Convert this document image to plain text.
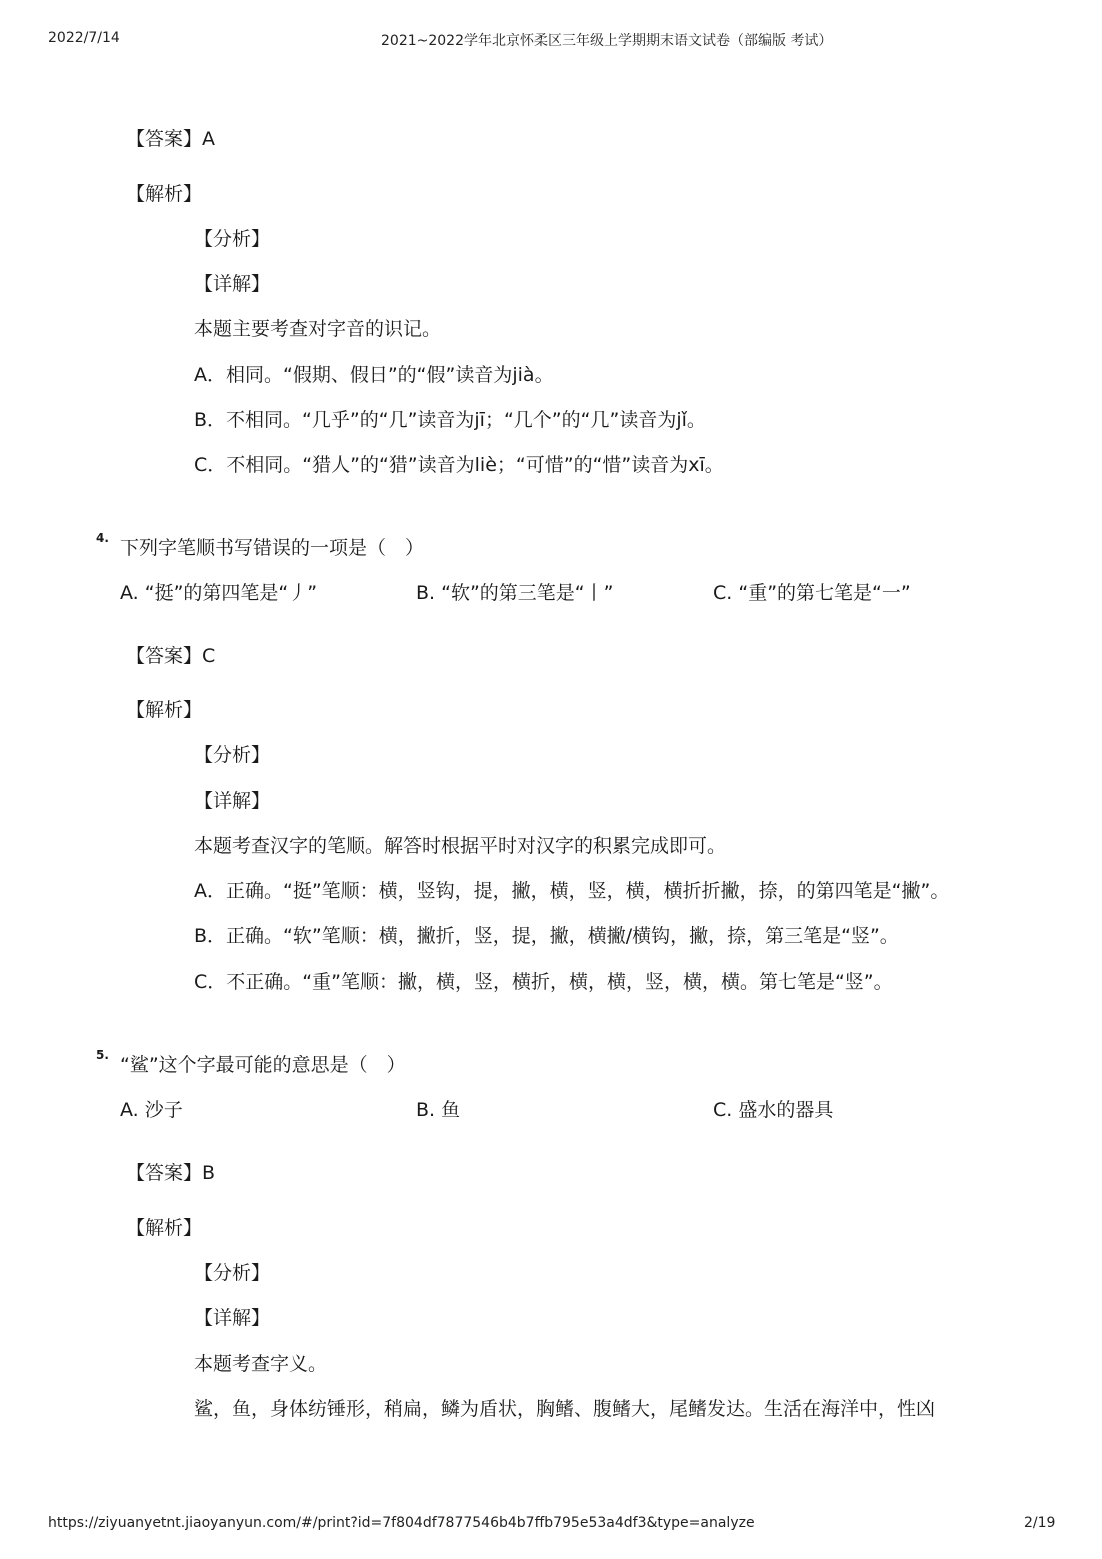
2022/7/14	2021~2022学年北京怀柔区三年级上学期期末语文试卷（部编版 考试）
【答案】A
【解析】
【分析】
【详解】
本题主要考查对字音的识记。
A．相同。“假期、假日”的“假”读音为jià。
B．不相同。“几乎”的“几”读音为jī；“几个”的“几”读音为jǐ。
C．不相同。“猎人”的“猎”读音为liè；“可惜”的“惜”读音为xī。
4. 下列字笔顺书写错误的一项是（　）
A. “挺”的第四笔是“丿”	B. “软”的第三笔是“丨”	C. “重”的第七笔是“一”
【答案】C
【解析】
【分析】
【详解】
本题考查汉字的笔顺。解答时根据平时对汉字的积累完成即可。
A．正确。“挺”笔顺：横，竖钩，提，撇，横，竖，横，横折折撇，捺，的第四笔是“撇”。
B．正确。“软”笔顺：横，撇折，竖，提，撇，横撇/横钩，撇，捺，第三笔是“竖”。
C．不正确。“重”笔顺：撇，横，竖，横折，横，横，竖，横，横。第七笔是“竖”。
5. “鲨”这个字最可能的意思是（　）
A. 沙子	B. 鱼	C. 盛水的器具
【答案】B
【解析】
【分析】
【详解】
本题考查字义。
鲨，鱼，身体纺锤形，稍扁，鳞为盾状，胸鳍、腹鳍大，尾鳍发达。生活在海洋中，性凶
https://ziyuanyetnt.jiaoyanyun.com/#/print?id=7f804df7877546b4b7ffb795e53a4df3&type=analyze	2/19
